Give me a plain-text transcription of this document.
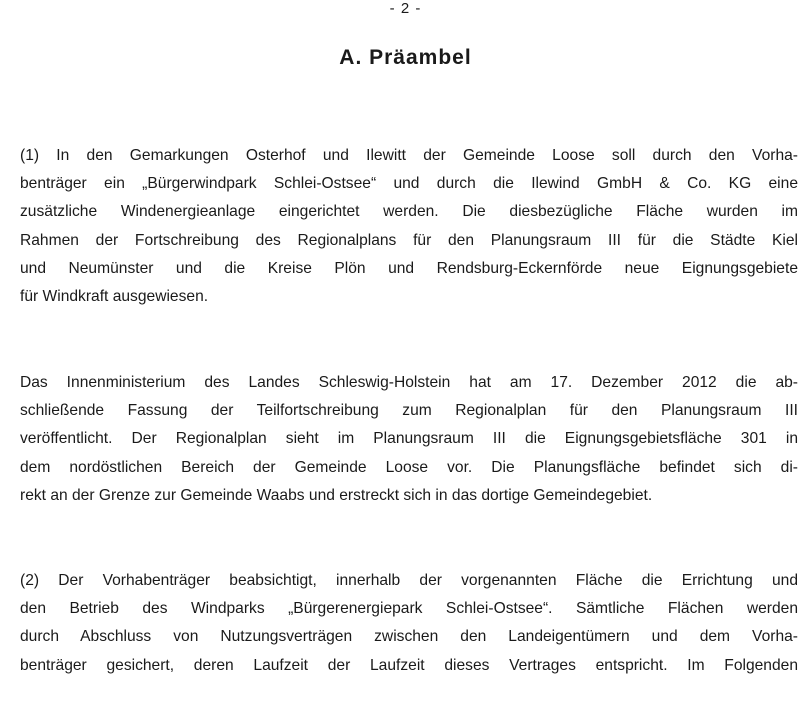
- 2 -
A. Präambel

(1) In den Gemarkungen Osterhof und Ilewitt der Gemeinde Loose soll durch den Vorha-
benträger ein „Bürgerwindpark Schlei-Ostsee“ und durch die Ilewind GmbH & Co. KG eine
zusätzliche Windenergieanlage eingerichtet werden. Die diesbezügliche Fläche wurden im
Rahmen der Fortschreibung des Regionalplans für den Planungsraum III für die Städte Kiel
und Neumünster und die Kreise Plön und Rendsburg-Eckernförde neue Eignungsgebiete
für Windkraft ausgewiesen.

Das Innenministerium des Landes Schleswig-Holstein hat am 17. Dezember 2012 die ab-
schließende Fassung der Teilfortschreibung zum Regionalplan für den Planungsraum III
veröffentlicht. Der Regionalplan sieht im Planungsraum III die Eignungsgebietsfläche 301 in
dem nordöstlichen Bereich der Gemeinde Loose vor. Die Planungsfläche befindet sich di-
rekt an der Grenze zur Gemeinde Waabs und erstreckt sich in das dortige Gemeindegebiet.

(2) Der Vorhabenträger beabsichtigt, innerhalb der vorgenannten Fläche die Errichtung und
den Betrieb des Windparks „Bürgerenergiepark Schlei-Ostsee“. Sämtliche Flächen werden
durch Abschluss von Nutzungsverträgen zwischen den Landeigentümern und dem Vorha-
benträger gesichert, deren Laufzeit der Laufzeit dieses Vertrages entspricht. Im Folgenden
